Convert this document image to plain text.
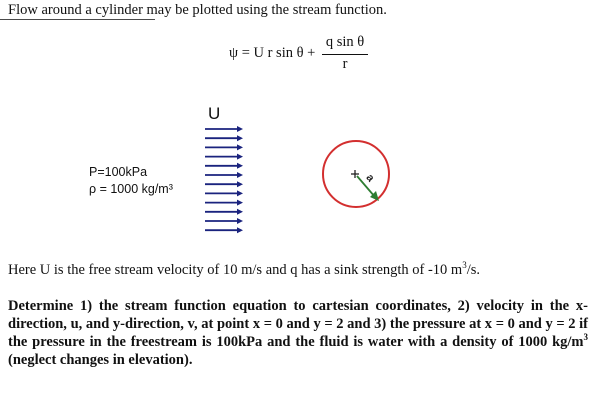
Flow around a cylinder may be plotted using the stream function.
ψ = U r sin θ +
q sin θ
r
U
P=100kPa
ρ = 1000 kg/m³
a
Here U is the free stream velocity of 10 m/s and q has a sink strength of -10 $m^3/s$.
Determine 1) the stream function equation to cartesian coordinates, 2) velocity in the x-direction, u, and y-direction, v, at point x = 0 and y = 2 and 3) the pressure at x = 0 and y = 2 if the pressure in the freestream is 100kPa and the fluid is water with a density of 1000 $kg/m^3$ (neglect changes in elevation).
